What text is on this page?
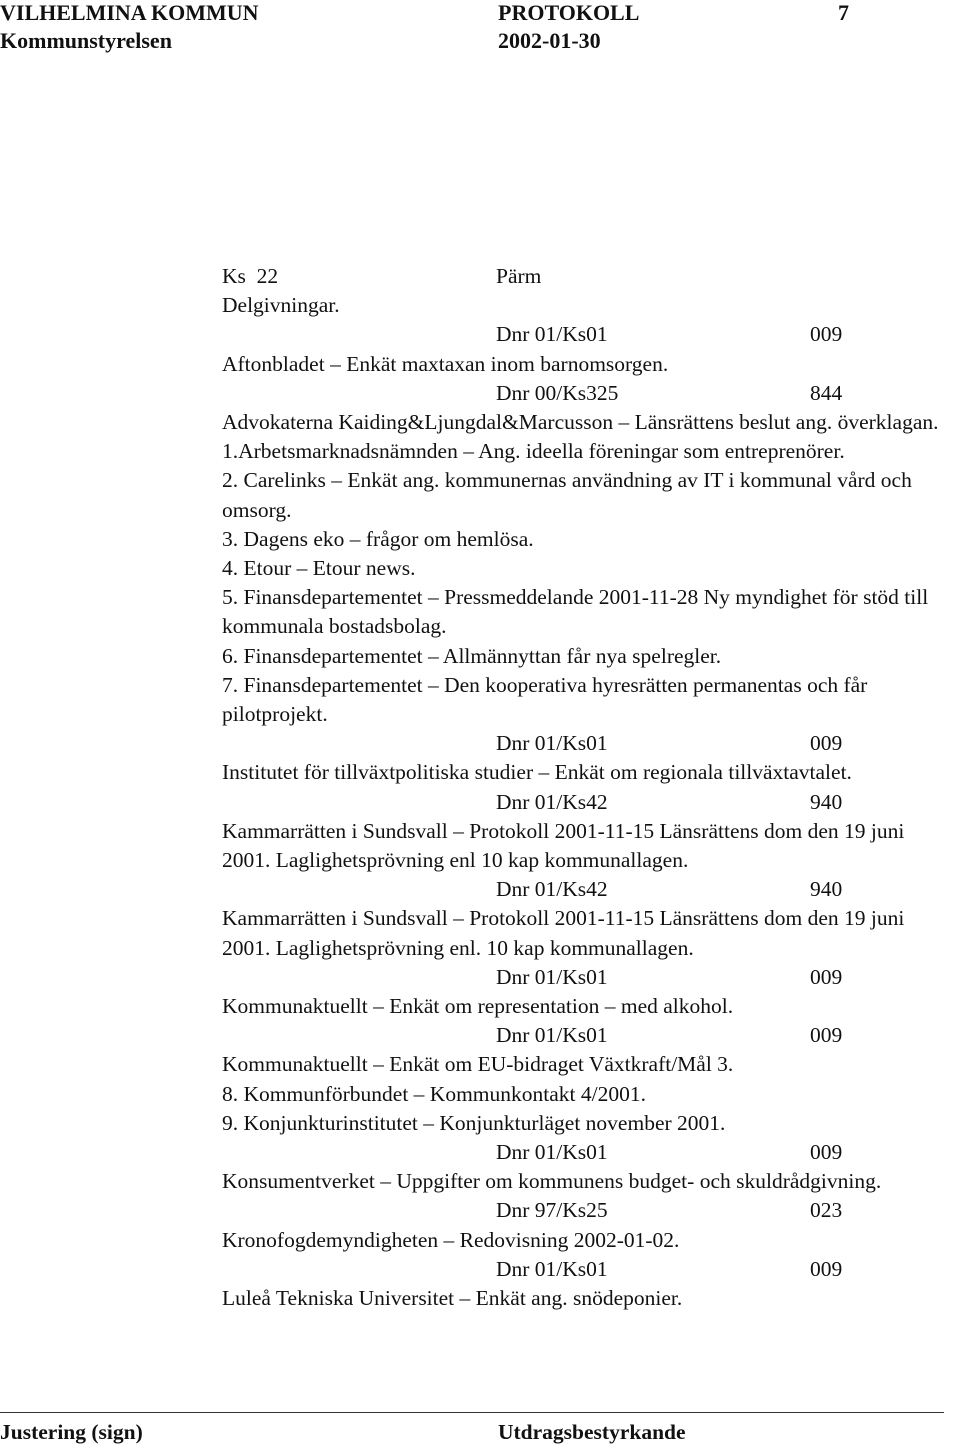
VILHELMINA KOMMUN	PROTOKOLL	7
Kommunstyrelsen	2002-01-30
Ks  22	Pärm
Delgivningar.
Dnr 01/Ks01	009
Aftonbladet – Enkät maxtaxan inom barnomsorgen.
Dnr 00/Ks325	844
Advokaterna Kaiding&Ljungdal&Marcusson – Länsrättens beslut ang. överklagan.
1.Arbetsmarknadsnämnden – Ang. ideella föreningar som entreprenörer.
2. Carelinks – Enkät ang. kommunernas användning av IT i kommunal vård och omsorg.
3. Dagens eko – frågor om hemlösa.
4. Etour – Etour news.
5. Finansdepartementet – Pressmeddelande 2001-11-28 Ny myndighet för stöd till kommunala bostadsbolag.
6. Finansdepartementet – Allmännyttan får nya spelregler.
7. Finansdepartementet – Den kooperativa hyresrätten permanentas och får pilotprojekt.
Dnr 01/Ks01	009
Institutet för tillväxtpolitiska studier – Enkät om regionala tillväxtavtalet.
Dnr 01/Ks42	940
Kammarrätten i Sundsvall – Protokoll 2001-11-15 Länsrättens dom den 19 juni 2001. Laglighetsprövning enl 10 kap kommunallagen.
Dnr 01/Ks42	940
Kammarrätten i Sundsvall – Protokoll 2001-11-15 Länsrättens dom den 19 juni 2001. Laglighetsprövning enl. 10 kap kommunallagen.
Dnr 01/Ks01	009
Kommunaktuellt – Enkät om representation – med alkohol.
Dnr 01/Ks01	009
Kommunaktuellt – Enkät om EU-bidraget Växtkraft/Mål 3.
8. Kommunförbundet – Kommunkontakt 4/2001.
9. Konjunkturinstitutet – Konjunkturläget november 2001.
Dnr 01/Ks01	009
Konsumentverket – Uppgifter om kommunens budget- och skuldrådgivning.
Dnr 97/Ks25	023
Kronofogdemyndigheten – Redovisning 2002-01-02.
Dnr 01/Ks01	009
Luleå Tekniska Universitet – Enkät ang. snödeponier.
Justering (sign)	Utdragsbestyrkande
